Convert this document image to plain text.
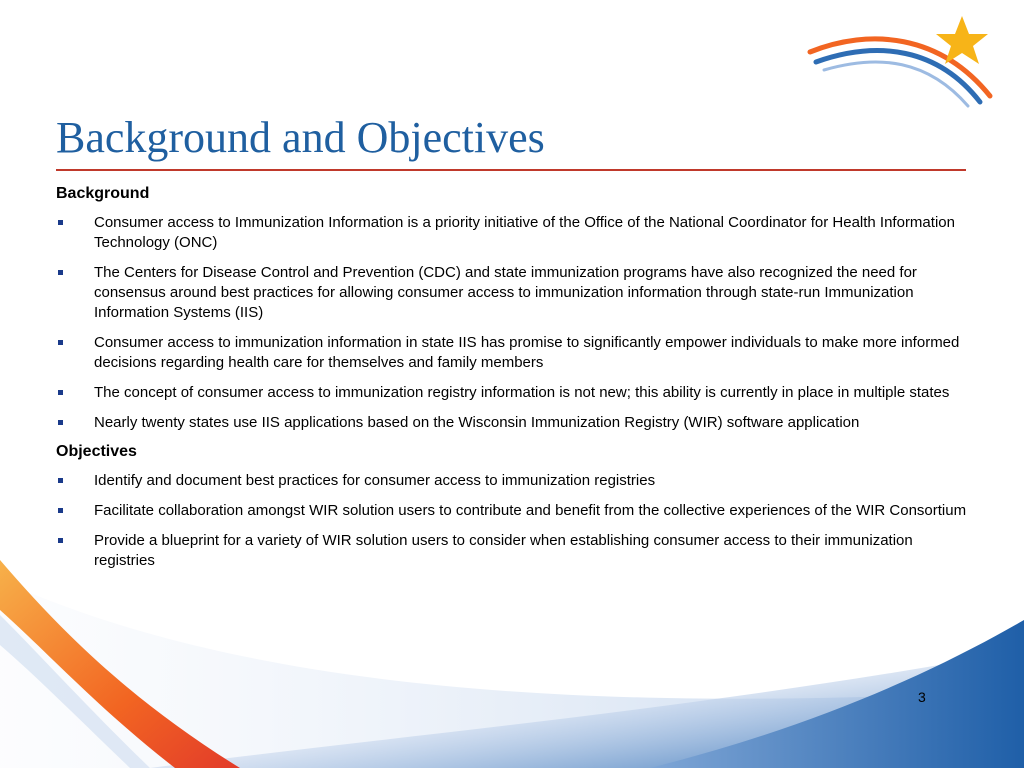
Background and Objectives
Background
Consumer access to Immunization Information is a priority initiative of the Office of the National Coordinator for Health Information Technology (ONC)
The Centers for Disease Control and Prevention (CDC) and state immunization programs have also recognized the need for consensus around best practices for allowing consumer access to immunization information through state-run Immunization Information Systems (IIS)
Consumer access to immunization information in state IIS has promise to significantly empower individuals to make more informed decisions regarding health care for themselves and family members
The concept of consumer access to immunization registry information is not new; this ability is currently in place in multiple states
Nearly twenty states use IIS applications based on the Wisconsin Immunization Registry (WIR) software application
Objectives
Identify and document best practices for consumer access to immunization registries
Facilitate collaboration amongst WIR solution users to contribute and benefit from the collective experiences of the WIR Consortium
Provide a blueprint for a variety of WIR solution users to consider when establishing consumer access to their immunization registries
3
